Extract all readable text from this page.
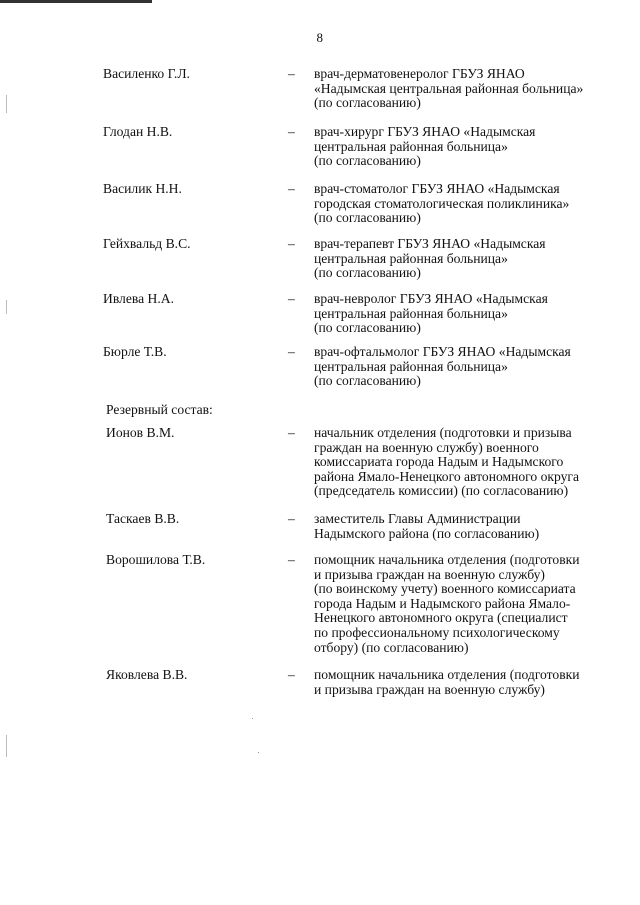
8
Василенко Г.Л.	– врач-дерматовенеролог ГБУЗ ЯНАО
«Надымская центральная районная больница»
(по согласованию)
Глодан Н.В.	– врач-хирург ГБУЗ ЯНАО «Надымская
центральная районная больница»
(по согласованию)
Василик Н.Н.	– врач-стоматолог ГБУЗ ЯНАО «Надымская
городская стоматологическая поликлиника»
(по согласованию)
Гейхвальд В.С.	– врач-терапевт ГБУЗ ЯНАО «Надымская
центральная районная больница»
(по согласованию)
Ивлева Н.А.	– врач-невролог ГБУЗ ЯНАО «Надымская
центральная районная больница»
(по согласованию)
Бюрле Т.В.	– врач-офтальмолог ГБУЗ ЯНАО «Надымская
центральная районная больница»
(по согласованию)
Резервный состав:
Ионов В.М.	– начальник отделения (подготовки и призыва
граждан на военную службу) военного
комиссариата города Надым и Надымского
района Ямало-Ненецкого автономного округа
(председатель комиссии) (по согласованию)
Таскаев В.В.	– заместитель Главы Администрации
Надымского района (по согласованию)
Ворошилова Т.В.	– помощник начальника отделения (подготовки
и призыва граждан на военную службу)
(по воинскому учету) военного комиссариата
города Надым и Надымского района Ямало-
Ненецкого автономного округа (специалист
по профессиональному психологическому
отбору) (по согласованию)
Яковлева В.В.	– помощник начальника отделения (подготовки
и призыва граждан на военную службу)
